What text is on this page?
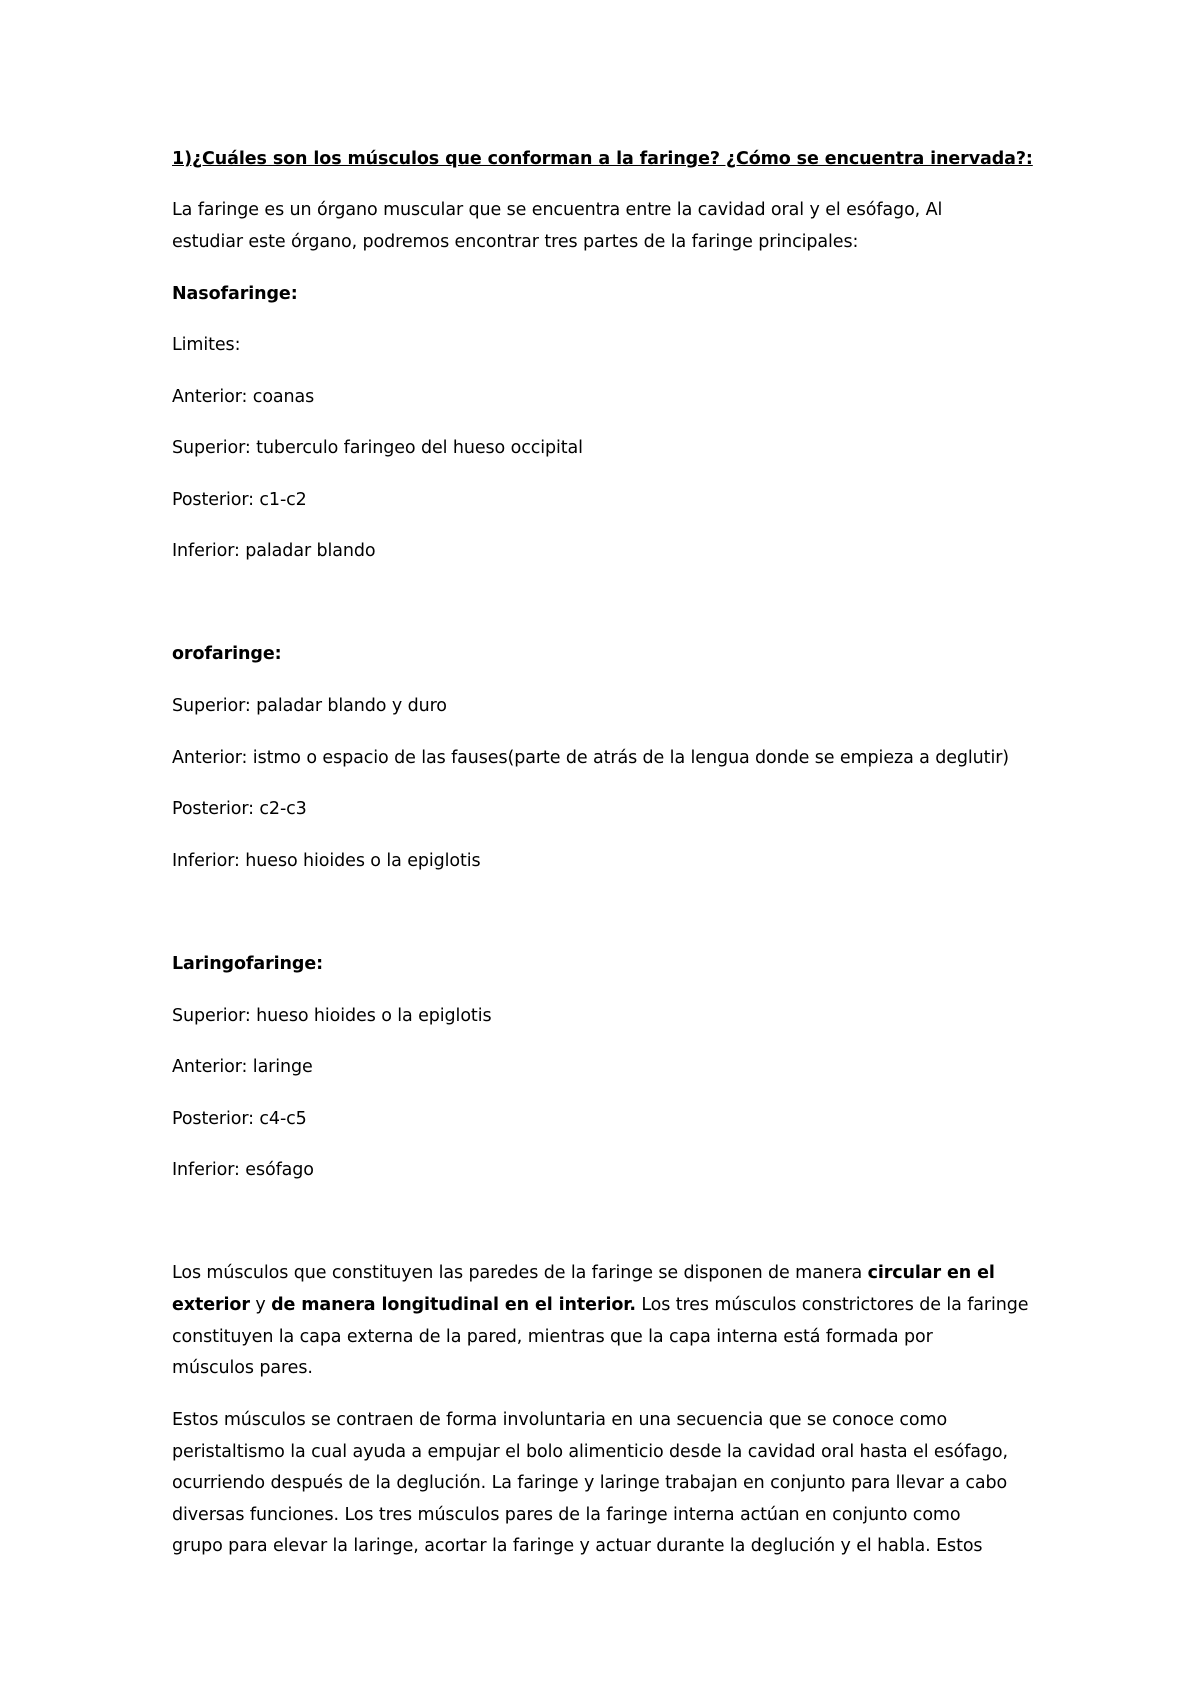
1)¿Cuáles son los músculos que conforman a la faringe? ¿Cómo se encuentra inervada?:

La faringe es un órgano muscular que se encuentra entre la cavidad oral y el esófago, Al

estudiar este órgano, podremos encontrar tres partes de la faringe principales:

Nasofaringe:

Limites:

Anterior: coanas

Superior: tuberculo faringeo del hueso occipital

Posterior: c1-c2

Inferior: paladar blando

orofaringe:

Superior: paladar blando y duro

Anterior: istmo o espacio de las fauses(parte de atrás de la lengua donde se empieza a deglutir)

Posterior: c2-c3

Inferior: hueso hioides o la epiglotis

Laringofaringe:

Superior: hueso hioides o la epiglotis

Anterior: laringe

Posterior: c4-c5

Inferior: esófago

Los músculos que constituyen las paredes de la faringe se disponen de manera circular en el

exterior y de manera longitudinal en el interior. Los tres músculos constrictores de la faringe

constituyen la capa externa de la pared, mientras que la capa interna está formada por

músculos pares.

Estos músculos se contraen de forma involuntaria en una secuencia que se conoce como

peristaltismo la cual ayuda a empujar el bolo alimenticio desde la cavidad oral hasta el esófago,

ocurriendo después de la deglución. La faringe y laringe trabajan en conjunto para llevar a cabo

diversas funciones. Los tres músculos pares de la faringe interna actúan en conjunto como

grupo para elevar la laringe, acortar la faringe y actuar durante la deglución y el habla. Estos
